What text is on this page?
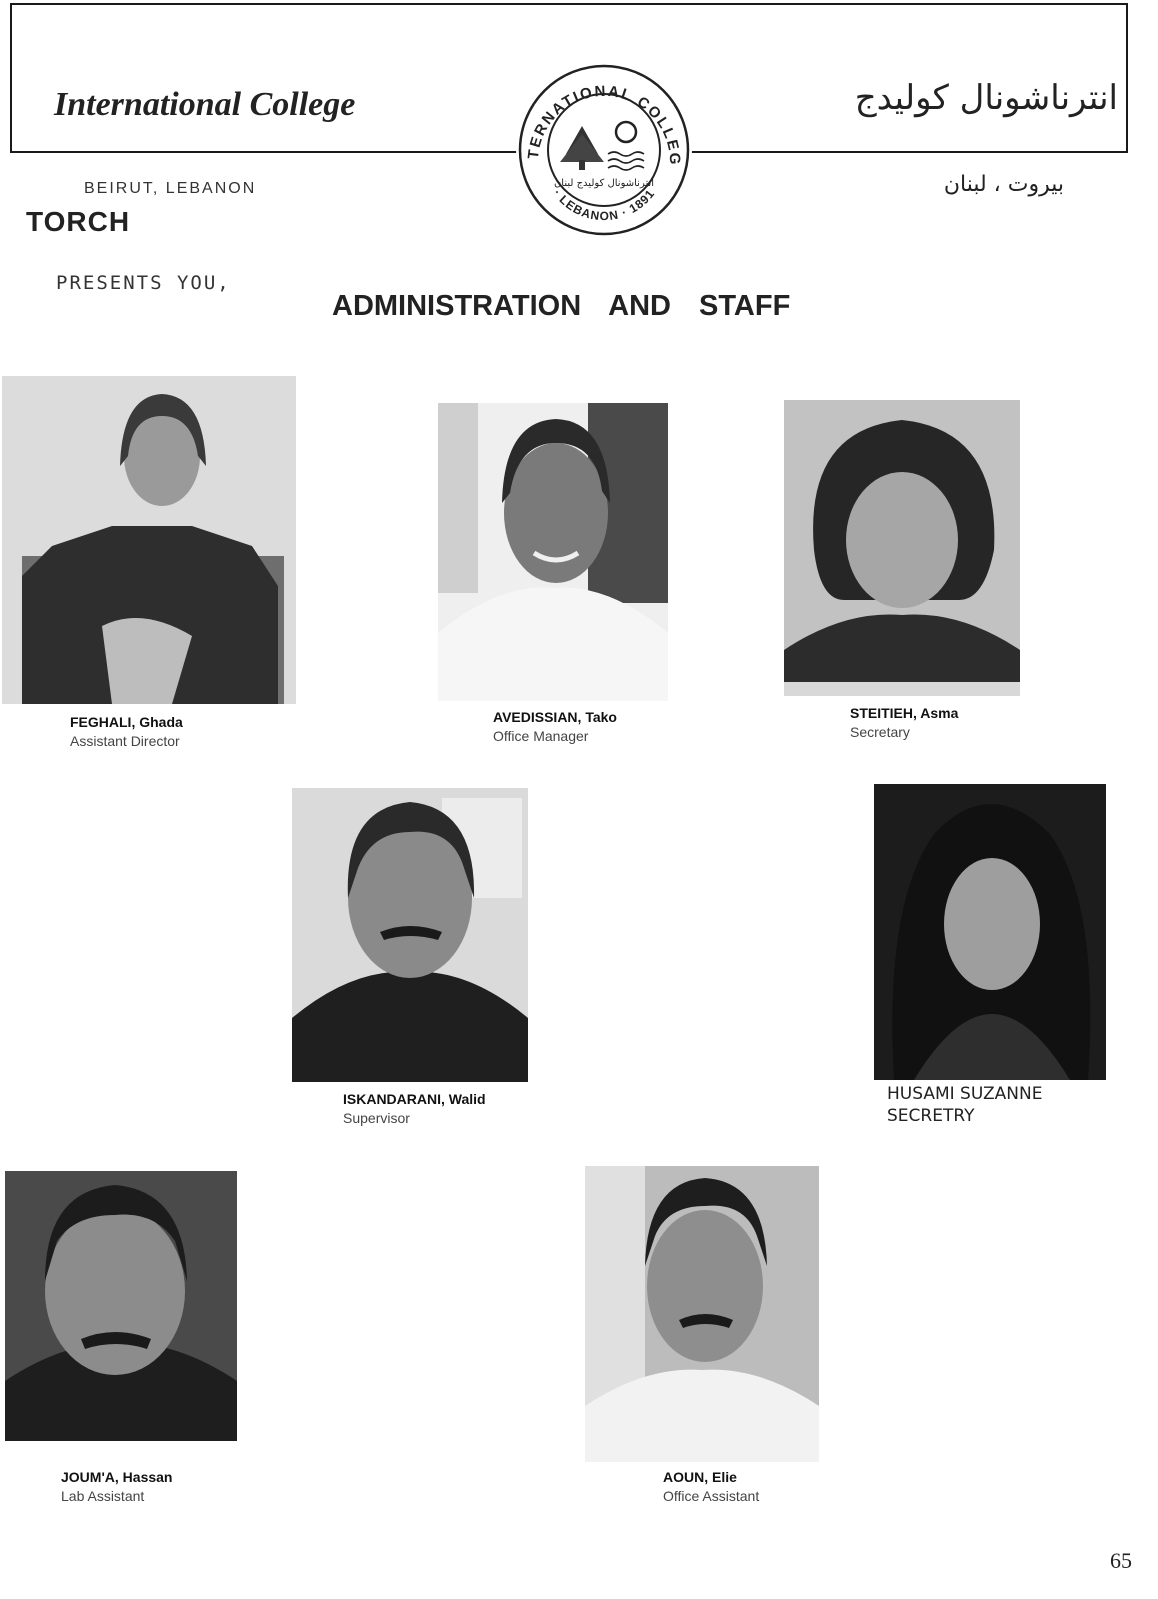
International College	انترناشونال كوليدج
TERNATIONAL COLLEG
· LEBANON · 1891
انترناشونال كوليدج لبنان
BEIRUT, LEBANON	بيروت ، لبنان
TORCH
PRESENTS YOU,
ADMINISTRATION AND STAFF
FEGHALI, Ghada
Assistant Director
AVEDISSIAN, Tako
Office Manager
STEITIEH, Asma
Secretary
ISKANDARANI, Walid
Supervisor
HUSAMI SUZANNE
SECRETRY
JOUM'A, Hassan
Lab Assistant
AOUN, Elie
Office Assistant
65
